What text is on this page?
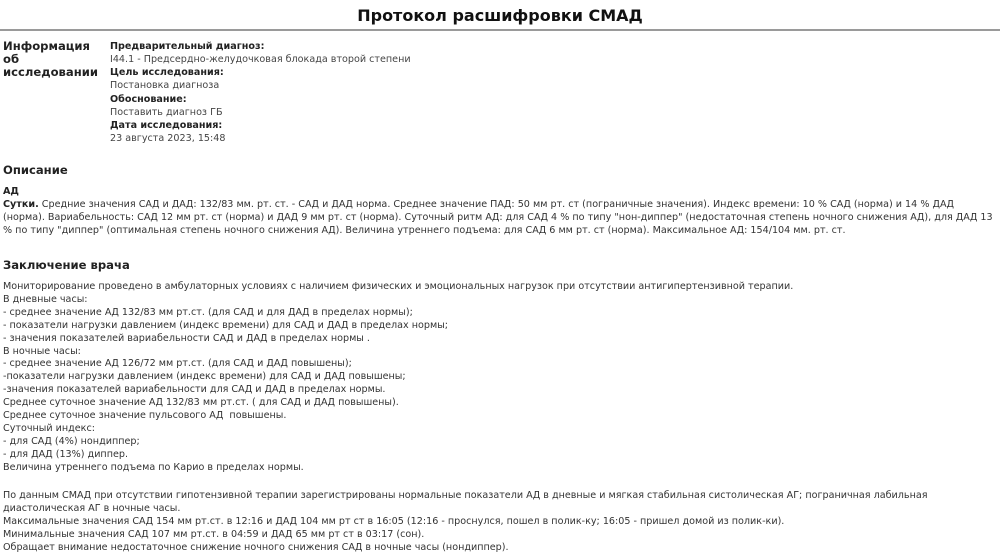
Протокол расшифровки СМАД
Информация об исследовании
Предварительный диагноз:
I44.1 - Предсердно-желудочковая блокада второй степени
Цель исследования:
Постановка диагноза
Обоснование:
Поставить диагноз ГБ
Дата исследования:
23 августа 2023, 15:48
Описание
АД
Сутки. Средние значения САД и ДАД: 132/83 мм. рт. ст. - САД и ДАД норма. Среднее значение ПАД: 50 мм рт. ст (пограничные значения). Индекс времени: 10 % САД (норма) и 14 % ДАД (норма). Вариабельность: САД 12 мм рт. ст (норма) и ДАД 9 мм рт. ст (норма). Суточный ритм АД: для САД 4 % по типу "нон-диппер" (недостаточная степень ночного снижения АД), для ДАД 13 % по типу "диппер" (оптимальная степень ночного снижения АД). Величина утреннего подъема: для САД 6 мм рт. ст (норма). Максимальное АД: 154/104 мм. рт. ст.
Заключение врача
Мониторирование проведено в амбулаторных условиях с наличием физических и эмоциональных нагрузок при отсутствии антигипертензивной терапии.
В дневные часы:
- среднее значение АД 132/83 мм рт.ст. (для САД и для ДАД в пределах нормы);
- показатели нагрузки давлением (индекс времени) для САД и ДАД в пределах нормы;
- значения показателей вариабельности САД и ДАД в пределах нормы .
В ночные часы:
- среднее значение АД 126/72 мм рт.ст. (для САД и ДАД повышены);
-показатели нагрузки давлением (индекс времени) для САД и ДАД повышены;
-значения показателей вариабельности для САД и ДАД в пределах нормы.
Среднее суточное значение АД 132/83 мм рт.ст. ( для САД и ДАД повышены).
Среднее суточное значение пульсового АД  повышены.
Суточный индекс:
- для САД (4%) нондиппер;
- для ДАД (13%) диппер.
Величина утреннего подъема по Карио в пределах нормы.
По данным СМАД при отсутствии гипотензивной терапии зарегистрированы нормальные показатели АД в дневные и мягкая стабильная систолическая АГ; пограничная лабильная диастолическая АГ в ночные часы.
Максимальные значения САД 154 мм рт.ст. в 12:16 и ДАД 104 мм рт ст в 16:05 (12:16 - проснулся, пошел в полик-ку; 16:05 - пришел домой из полик-ки).
Минимальные значения САД 107 мм рт.ст. в 04:59 и ДАД 65 мм рт ст в 03:17 (сон).
Обращает внимание недостаточное снижение ночного снижения САД в ночные часы (нондиппер).
